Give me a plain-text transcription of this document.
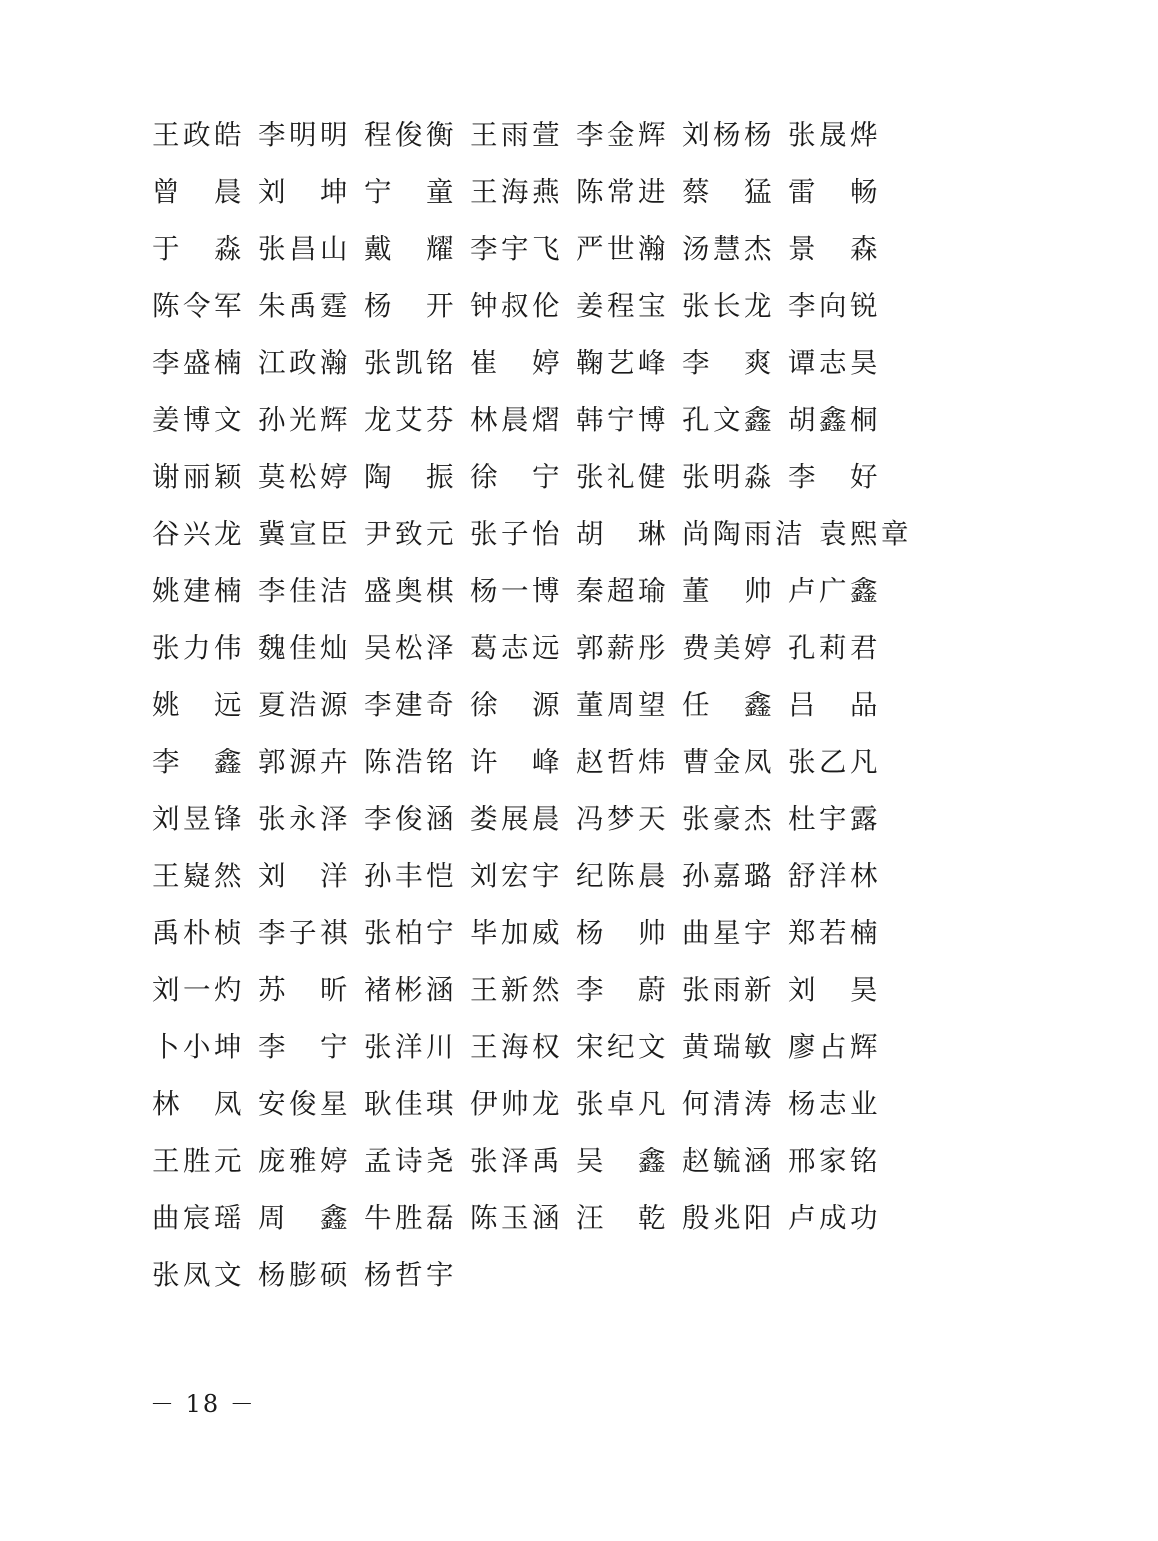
王政皓 李明明 程俊衡 王雨萱 李金辉 刘杨杨 张晟烨
曾　晨 刘　坤 宁　童 王海燕 陈常进 蔡　猛 雷　畅
于　淼 张昌山 戴　耀 李宇飞 严世瀚 汤慧杰 景　森
陈令军 朱禹霆 杨　开 钟叔伦 姜程宝 张长龙 李向锐
李盛楠 江政瀚 张凯铭 崔　婷 鞠艺峰 李　爽 谭志昊
姜博文 孙光辉 龙艾芬 林晨熠 韩宁博 孔文鑫 胡鑫桐
谢丽颖 莫松婷 陶　振 徐　宁 张礼健 张明淼 李　好
谷兴龙 冀宣臣 尹致元 张子怡 胡　琳 尚陶雨洁 袁熙章
姚建楠 李佳洁 盛奥棋 杨一博 秦超瑜 董　帅 卢广鑫
张力伟 魏佳灿 吴松泽 葛志远 郭薪彤 费美婷 孔莉君
姚　远 夏浩源 李建奇 徐　源 董周望 任　鑫 吕　品
李　鑫 郭源卉 陈浩铭 许　峰 赵哲炜 曹金凤 张乙凡
刘昱锋 张永泽 李俊涵 娄展晨 冯梦天 张豪杰 杜宇露
王嶷然 刘　洋 孙丰恺 刘宏宇 纪陈晨 孙嘉璐 舒洋林
禹朴桢 李子祺 张柏宁 毕加威 杨　帅 曲星宇 郑若楠
刘一灼 苏　昕 褚彬涵 王新然 李　蔚 张雨新 刘　昊
卜小坤 李　宁 张洋川 王海权 宋纪文 黄瑞敏 廖占辉
林　凤 安俊星 耿佳琪 伊帅龙 张卓凡 何清涛 杨志业
王胜元 庞雅婷 孟诗尧 张泽禹 吴　鑫 赵毓涵 邢家铭
曲宸瑶 周　鑫 牛胜磊 陈玉涵 汪　乾 殷兆阳 卢成功
张凤文 杨膨硕 杨哲宇
－ 18 －
